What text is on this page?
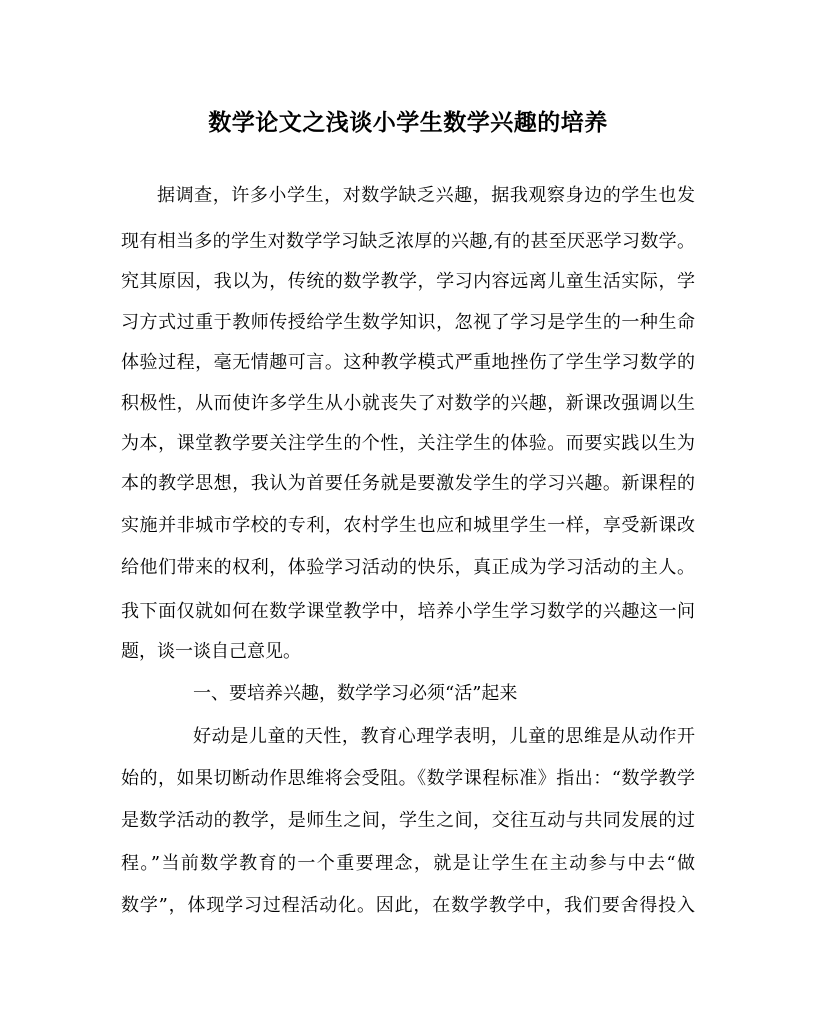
数学论文之浅谈小学生数学兴趣的培养
据调查，许多小学生，对数学缺乏兴趣，据我观察身边的学生也发
现有相当多的学生对数学学习缺乏浓厚的兴趣,有的甚至厌恶学习数学。
究其原因，我以为，传统的数学教学，学习内容远离儿童生活实际，学
习方式过重于教师传授给学生数学知识，忽视了学习是学生的一种生命
体验过程，毫无情趣可言。这种教学模式严重地挫伤了学生学习数学的
积极性，从而使许多学生从小就丧失了对数学的兴趣，新课改强调以生
为本，课堂教学要关注学生的个性，关注学生的体验。而要实践以生为
本的教学思想，我认为首要任务就是要激发学生的学习兴趣。新课程的
实施并非城市学校的专利，农村学生也应和城里学生一样，享受新课改
给他们带来的权利，体验学习活动的快乐，真正成为学习活动的主人。
我下面仅就如何在数学课堂教学中，培养小学生学习数学的兴趣这一问
题，谈一谈自己意见。
一、要培养兴趣，数学学习必须“活”起来
好动是儿童的天性，教育心理学表明，儿童的思维是从动作开
始的，如果切断动作思维将会受阻。《数学课程标准》指出：“数学教学
是数学活动的教学，是师生之间，学生之间，交往互动与共同发展的过
程。”当前数学教育的一个重要理念，就是让学生在主动参与中去“做
数学”，体现学习过程活动化。因此，在数学教学中，我们要舍得投入
